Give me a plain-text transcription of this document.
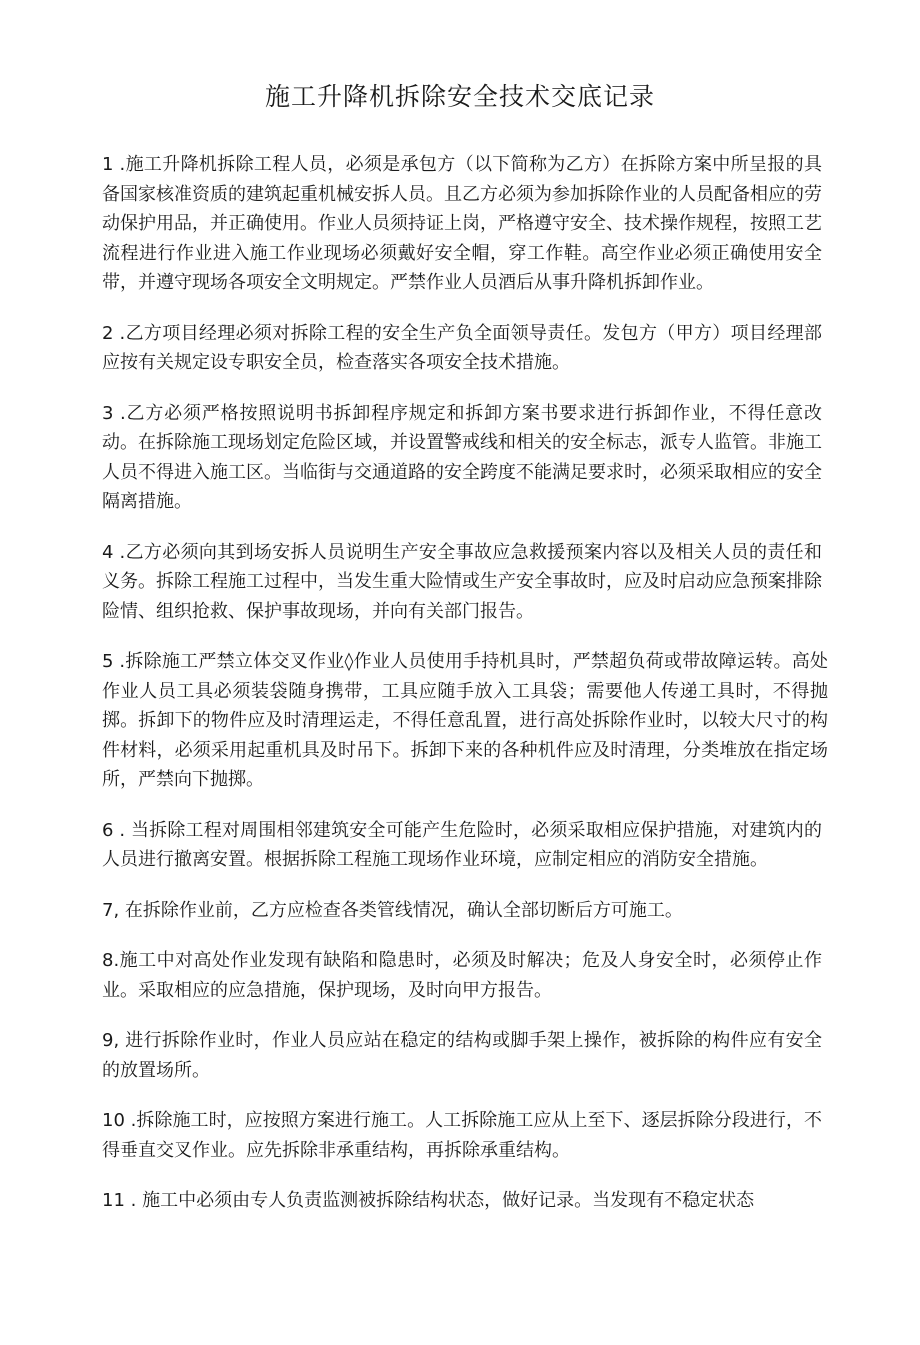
施工升降机拆除安全技术交底记录

1 .施工升降机拆除工程人员，必须是承包方（以下简称为乙方）在拆除方案中所呈报的具备国家核准资质的建筑起重机械安拆人员。且乙方必须为参加拆除作业的人员配备相应的劳动保护用品，并正确使用。作业人员须持证上岗，严格遵守安全、技术操作规程，按照工艺流程进行作业进入施工作业现场必须戴好安全帽，穿工作鞋。高空作业必须正确使用安全带，并遵守现场各项安全文明规定。严禁作业人员酒后从事升降机拆卸作业。

2 .乙方项目经理必须对拆除工程的安全生产负全面领导责任。发包方（甲方）项目经理部应按有关规定设专职安全员，检查落实各项安全技术措施。

3 .乙方必须严格按照说明书拆卸程序规定和拆卸方案书要求进行拆卸作业，不得任意改动。在拆除施工现场划定危险区域，并设置警戒线和相关的安全标志，派专人监管。非施工人员不得进入施工区。当临街与交通道路的安全跨度不能满足要求时，必须采取相应的安全隔离措施。

4 .乙方必须向其到场安拆人员说明生产安全事故应急救援预案内容以及相关人员的责任和义务。拆除工程施工过程中，当发生重大险情或生产安全事故时，应及时启动应急预案排除险情、组织抢救、保护事故现场，并向有关部门报告。

5 .拆除施工严禁立体交叉作业◊作业人员使用手持机具时，严禁超负荷或带故障运转。高处作业人员工具必须装袋随身携带，工具应随手放入工具袋；需要他人传递工具时，不得抛掷。拆卸下的物件应及时清理运走，不得任意乱置，进行高处拆除作业时，以较大尺寸的构件材料，必须采用起重机具及时吊下。拆卸下来的各种机件应及时清理，分类堆放在指定场所，严禁向下抛掷。

6 . 当拆除工程对周围相邻建筑安全可能产生危险时，必须采取相应保护措施，对建筑内的人员进行撤离安置。根据拆除工程施工现场作业环境，应制定相应的消防安全措施。

7, 在拆除作业前，乙方应检查各类管线情况，确认全部切断后方可施工。

8.施工中对高处作业发现有缺陷和隐患时，必须及时解决；危及人身安全时，必须停止作业。采取相应的应急措施，保护现场，及时向甲方报告。

9, 进行拆除作业时，作业人员应站在稳定的结构或脚手架上操作，被拆除的构件应有安全的放置场所。

10 .拆除施工时，应按照方案进行施工。人工拆除施工应从上至下、逐层拆除分段进行，不得垂直交叉作业。应先拆除非承重结构，再拆除承重结构。

11 . 施工中必须由专人负责监测被拆除结构状态，做好记录。当发现有不稳定状态
